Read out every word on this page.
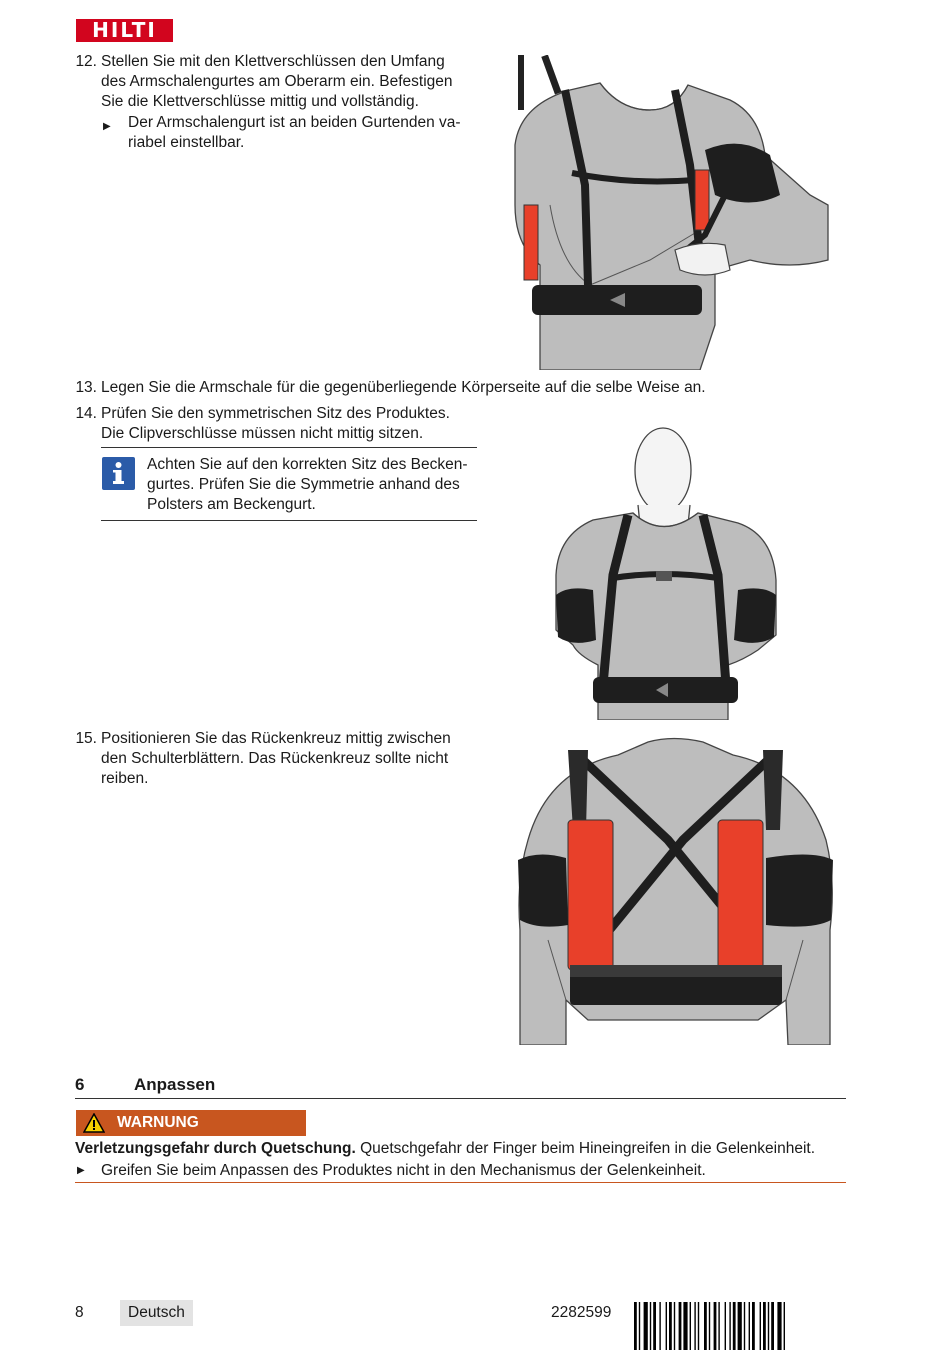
HILTI
12. Stellen Sie mit den Klettverschlüssen den Umfang
des Armschalengurtes am Oberarm ein. Befestigen
Sie die Klettverschlüsse mittig und vollständig.
▶ Der Armschalengurt ist an beiden Gurtenden va-
riabel einstellbar.
13. Legen Sie die Armschale für die gegenüberliegende Körperseite auf die selbe Weise an.
14. Prüfen Sie den symmetrischen Sitz des Produktes.
Die Clipverschlüsse müssen nicht mittig sitzen.
Achten Sie auf den korrekten Sitz des Becken-
gurtes. Prüfen Sie die Symmetrie anhand des
Polsters am Beckengurt.
15. Positionieren Sie das Rückenkreuz mittig zwischen
den Schulterblättern. Das Rückenkreuz sollte nicht
reiben.
6	Anpassen
WARNUNG
Verletzungsgefahr durch Quetschung. Quetschgefahr der Finger beim Hineingreifen in die Gelenkeinheit.
▶ Greifen Sie beim Anpassen des Produktes nicht in den Mechanismus der Gelenkeinheit.
8	Deutsch	2282599
